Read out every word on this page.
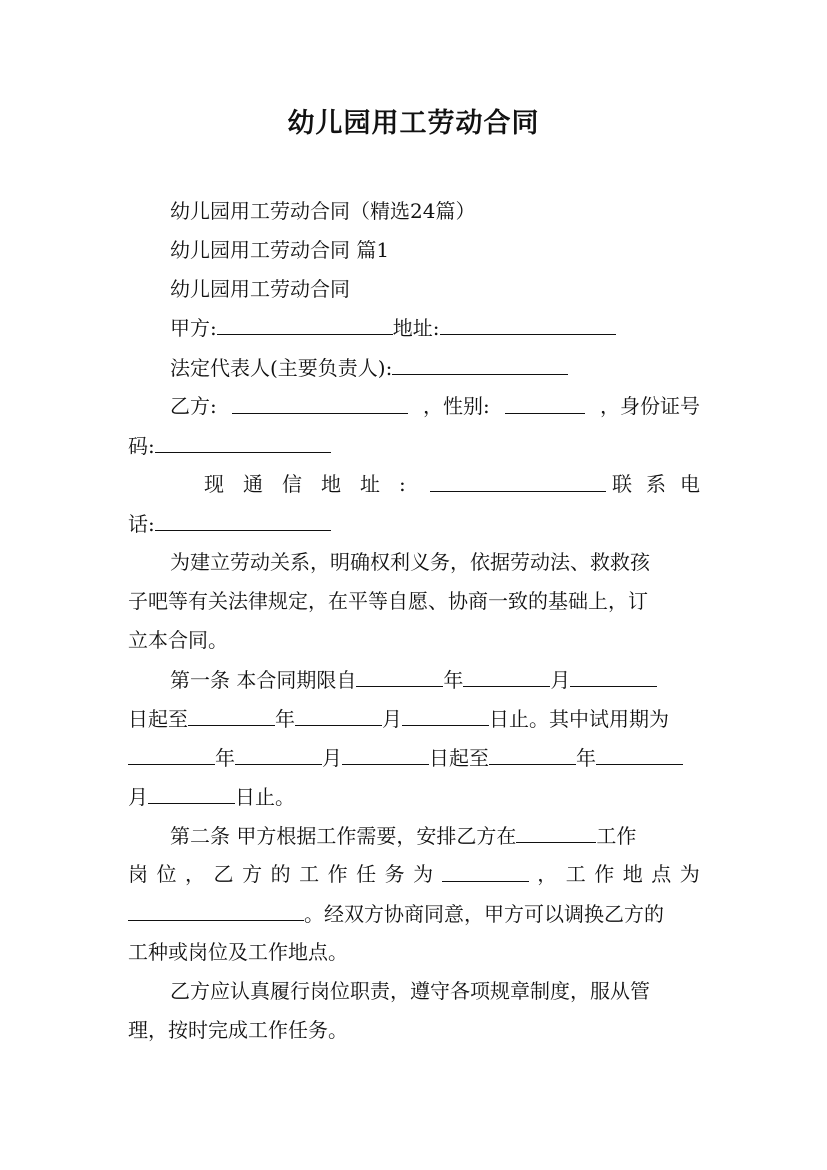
幼儿园用工劳动合同

幼儿园用工劳动合同（精选24篇）

幼儿园用工劳动合同 篇1

幼儿园用工劳动合同

甲方:	地址:

法定代表人(主要负责人):

乙方:	，性别:	，身份证号

码:

现通信地址:	联系电

话:

为建立劳动关系，明确权利义务，依据劳动法、救救孩

子吧等有关法律规定，在平等自愿、协商一致的基础上，订

立本合同。

第一条 本合同期限自	年	月

日起至	年	月	日止。其中试用期为

年	月	日起至	年

月	日止。

第二条 甲方根据工作需要，安排乙方在	工作

岗 位 ， 乙 方 的 工 作 任 务 为	， 工 作 地 点 为

。经双方协商同意，甲方可以调换乙方的

工种或岗位及工作地点。

乙方应认真履行岗位职责，遵守各项规章制度，服从管

理，按时完成工作任务。
